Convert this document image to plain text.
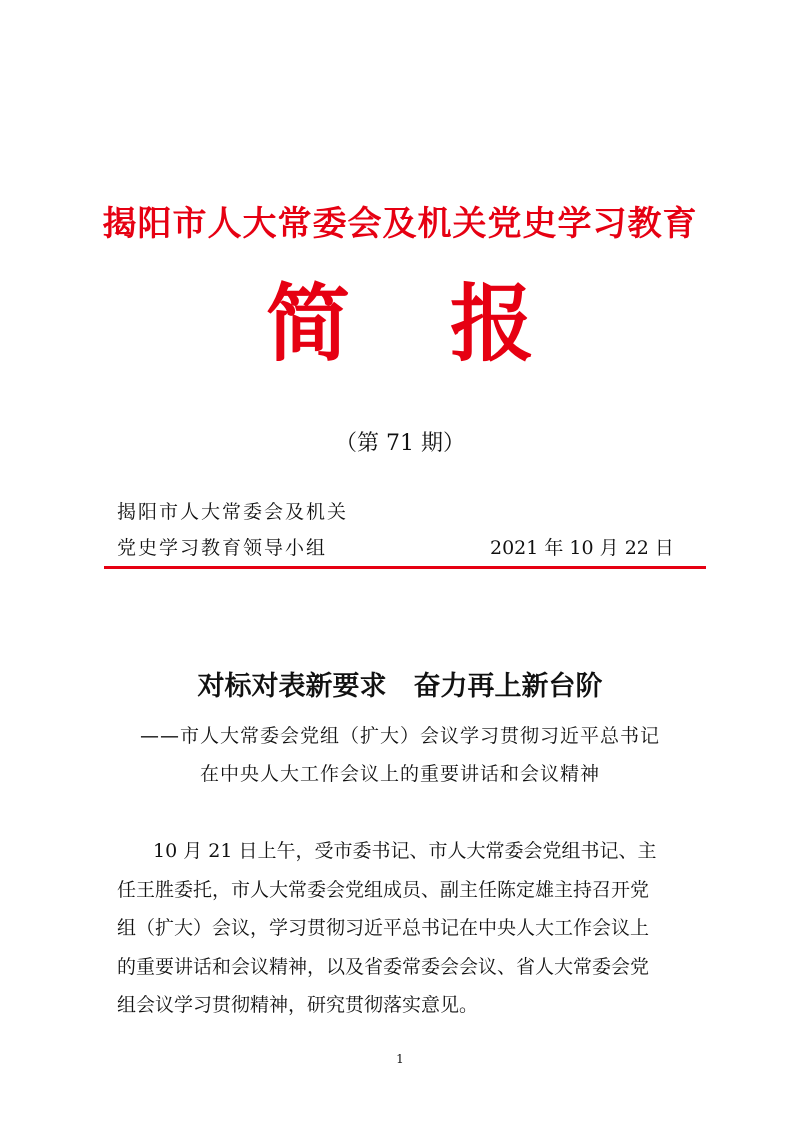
揭阳市人大常委会及机关党史学习教育
简报
（第 71 期）
揭阳市人大常委会及机关
党史学习教育领导小组	2021 年 10 月 22 日
对标对表新要求　奋力再上新台阶
——市人大常委会党组（扩大）会议学习贯彻习近平总书记
在中央人大工作会议上的重要讲话和会议精神
10 月 21 日上午，受市委书记、市人大常委会党组书记、主
任王胜委托，市人大常委会党组成员、副主任陈定雄主持召开党
组（扩大）会议，学习贯彻习近平总书记在中央人大工作会议上
的重要讲话和会议精神，以及省委常委会会议、省人大常委会党
组会议学习贯彻精神，研究贯彻落实意见。
1
